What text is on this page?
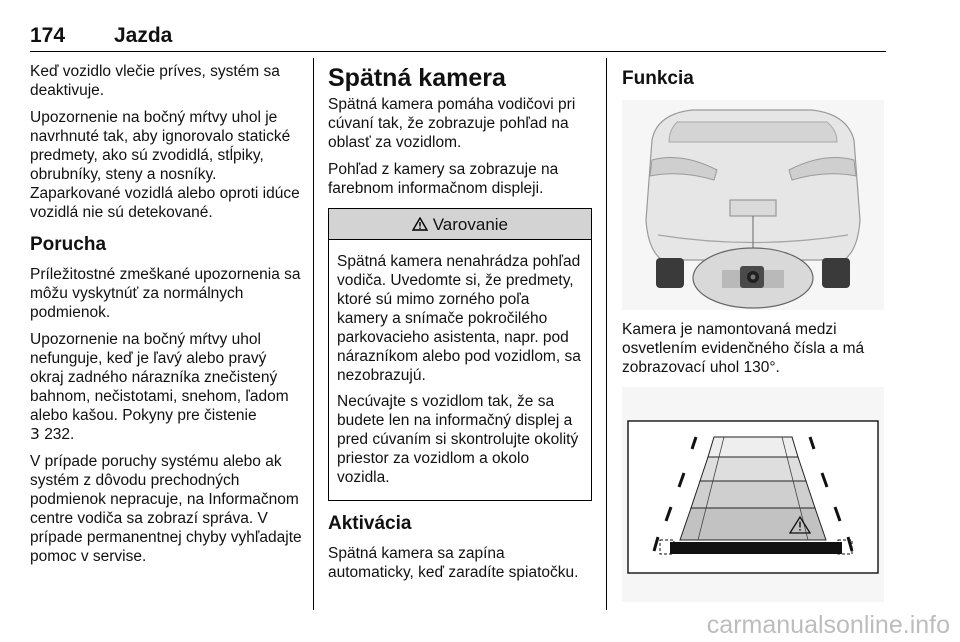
174 Jazda

Keď vozidlo vlečie príves, systém sa deaktivuje.

Upozornenie na bočný mŕtvy uhol je navrhnuté tak, aby ignorovalo statické predmety, ako sú zvodidlá, stĺpiky, obrubníky, steny a nosníky. Zaparkované vozidlá alebo oproti idúce vozidlá nie sú detekované.

Porucha

Príležitostné zmeškané upozornenia sa môžu vyskytnúť za normálnych podmienok.

Upozornenie na bočný mŕtvy uhol nefunguje, keď je ľavý alebo pravý okraj zadného nárazníka znečistený bahnom, nečistotami, snehom, ľadom alebo kašou. Pokyny pre čistenie
3 232.

V prípade poruchy systému alebo ak systém z dôvodu prechodných podmienok nepracuje, na Informačnom centre vodiča sa zobrazí správa. V prípade permanentnej chyby vyhľadajte pomoc v servise.

Spätná kamera

Spätná kamera pomáha vodičovi pri cúvaní tak, že zobrazuje pohľad na oblasť za vozidlom.

Pohľad z kamery sa zobrazuje na farebnom informačnom displeji.

Varovanie

Spätná kamera nenahrádza pohľad vodiča. Uvedomte si, že predmety, ktoré sú mimo zorného poľa kamery a snímače pokročilého parkovacieho asistenta, napr. pod nárazníkom alebo pod vozidlom, sa nezobrazujú.

Necúvajte s vozidlom tak, že sa budete len na informačný displej a pred cúvaním si skontrolujte okolitý priestor za vozidlom a okolo vozidla.

Aktivácia

Spätná kamera sa zapína automaticky, keď zaradíte spiatočku.

Funkcia

Kamera je namontovaná medzi osvetlením evidenčného čísla a má zobrazovací uhol 130°.

carmanualsonline.info
